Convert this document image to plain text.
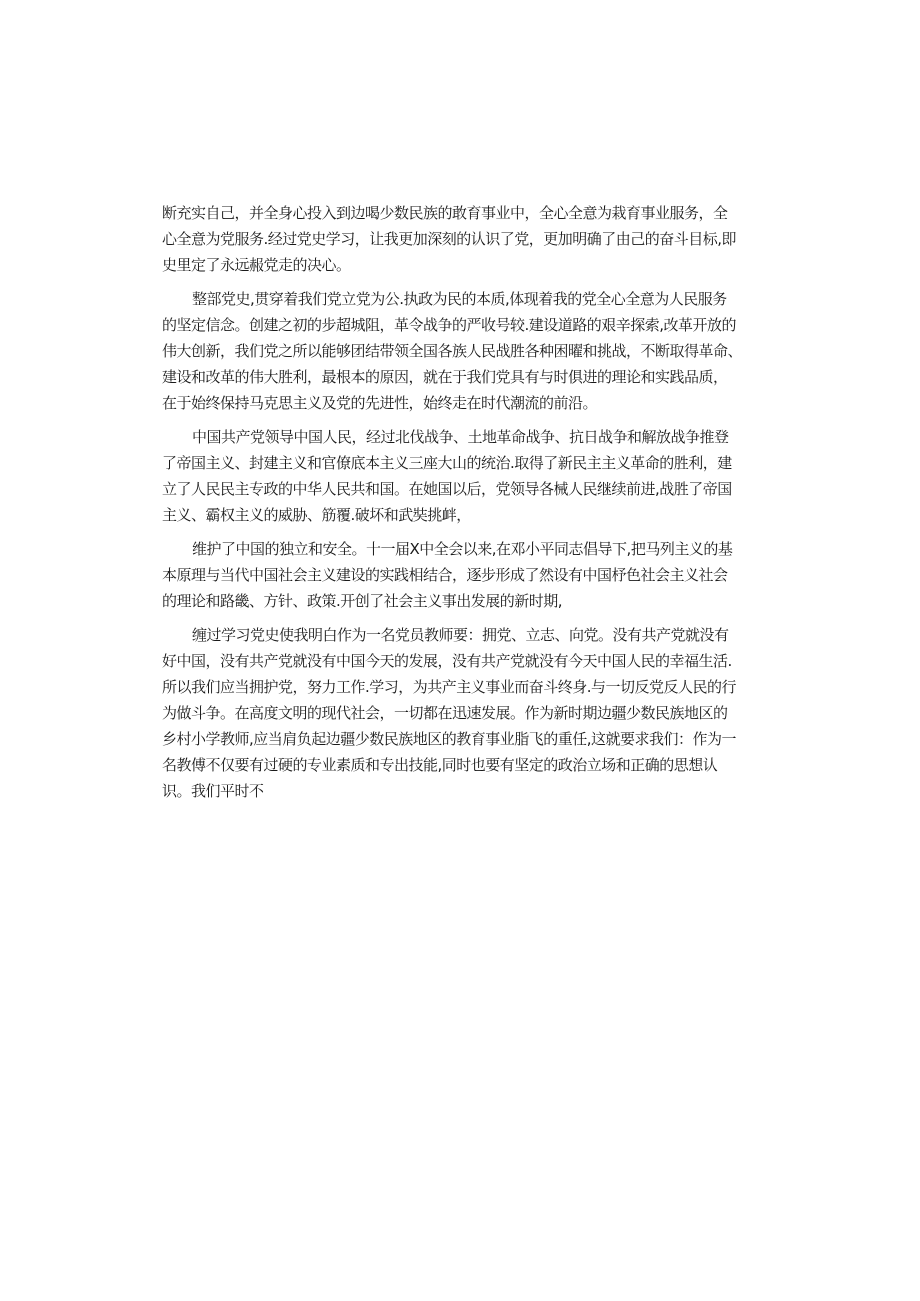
断充实自己，并全身心投入到边喝少数民族的敢育事业中，全心全意为栽育事业服务，全
心全意为党服务.经过党史学习，让我更加深刻的认识了党，更加明确了由己的奋斗目标,即
史里定了永远赧党走的决心。
整部党史,贯穿着我们党立党为公.执政为民的本质,体现着我的党全心全意为人民服务
的坚定信念。创建之初的步超城阻，革令战争的严收号较.建设道路的艰辛探索,改革开放的
伟大创新，我们党之所以能够团结带领全国各族人民战胜各种困曜和挑战，不断取得革命、
建设和改革的伟大胜利，最根本的原因，就在于我们党具有与时俱进的理论和实践品质，
在于始终保持马克思主义及党的先进性，始终走在时代潮流的前沿。
中国共产党领导中国人民，经过北伐战争、土地革命战争、抗日战争和解放战争推登
了帝国主义、封建主义和官僚底本主义三座大山的统治.取得了新民主主义革命的胜利，建
立了人民民主专政的中华人民共和国。在她国以后，党领导各械人民继续前进,战胜了帝国
主义、霸权主义的威胁、筋覆.破坏和武奘挑衅，
维护了中国的独立和安全。十一届X中全会以来,在邓小平同志倡导下,把马列主义的基
本原理与当代中国社会主义建设的实践相结合，逐步形成了然设有中国杼色社会主义社会
的理论和路畿、方针、政策.开创了社会主义事出发展的新时期,
缠过学习党史使我明白作为一名党员教师要：拥党、立志、向党。没有共产党就没有
好中国，没有共产党就没有中国今天的发展，没有共产党就没有今天中国人民的幸福生活.
所以我们应当拥护党，努力工作.学习，为共产主义事业而奋斗终身.与一切反党反人民的行
为做斗争。在高度文明的现代社会，一切都在迅速发展。作为新时期边疆少数民族地区的
乡村小学教师,应当肩负起边疆少数民族地区的教育事业脂飞的重任,这就要求我们：作为一
名教傅不仅要有过硬的专业素质和专出技能,同时也要有坚定的政治立场和正确的思想认
识。我们平时不
